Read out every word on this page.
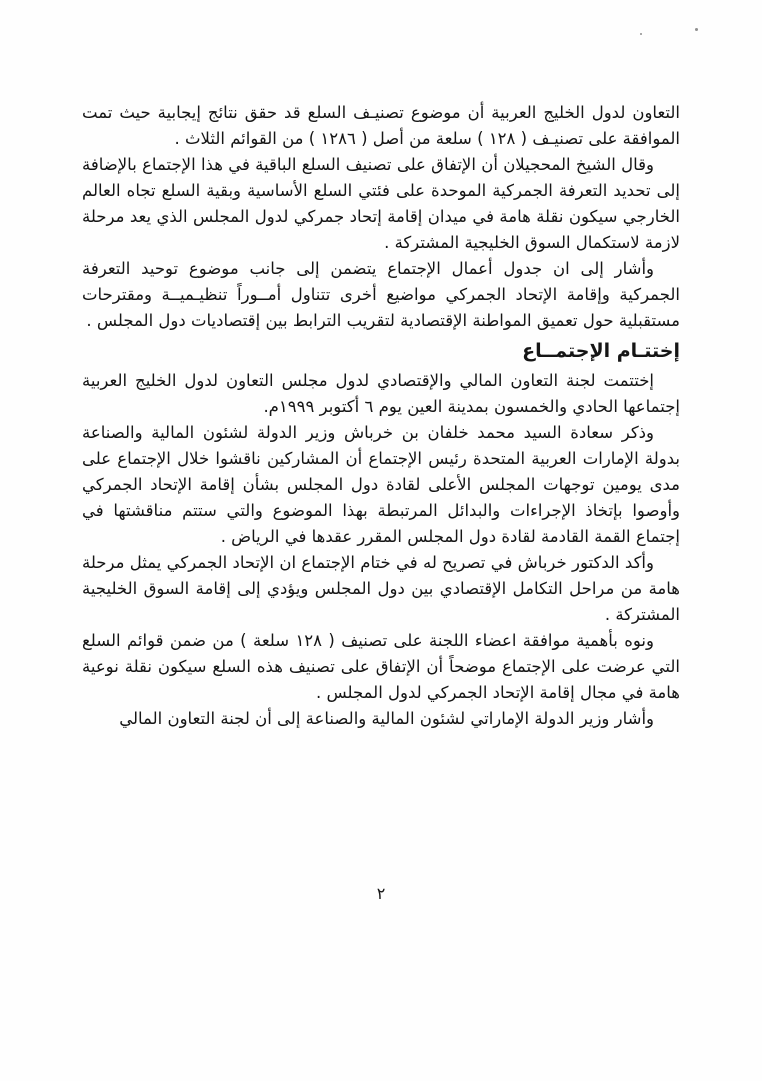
التعاون لدول الخليج العربية أن موضوع تصنيـف السلع قد حقق نتائج إيجابية حيث تمت الموافقة على تصنيـف ( ١٢٨ ) سلعة من أصل ( ١٢٨٦ ) من القوائم الثلاث .

وقال الشيخ المحجيلان أن الإتفاق على تصنيف السلع الباقية في هذا الإجتماع بالإضافة إلى تحديد التعرفة الجمركية الموحدة على فئتي السلع الأساسية وبقية السلع تجاه العالم الخارجي سيكون نقلة هامة في ميدان إقامة إتحاد جمركي لدول المجلس الذي يعد مرحلة لازمة لاستكمال السوق الخليجية المشتركة .

وأشار إلى ان جدول أعمال الإجتماع يتضمن إلى جانب موضوع توحيد التعرفة الجمركية وإقامة الإتحاد الجمركي مواضيع أخرى تتناول أمــوراً تنظيـميــة ومقترحات مستقبلية حول تعميق المواطنة الإقتصادية لتقريب الترابط بين إقتصاديات دول المجلس .

إختتـام الإجتمــاع

إختتمت لجنة التعاون المالي والإقتصادي لدول مجلس التعاون لدول الخليج العربية إجتماعها الحادي والخمسون بمدينة العين يوم ٦ أكتوبر ١٩٩٩م.

وذكر سعادة السيد محمد خلفان بن خرباش وزير الدولة لشئون المالية والصناعة بدولة الإمارات العربية المتحدة رئيس الإجتماع أن المشاركين ناقشوا خلال الإجتماع على مدى يومين توجهات المجلس الأعلى لقادة دول المجلس بشأن إقامة الإتحاد الجمركي وأوصوا بإتخاذ الإجراءات والبدائل المرتبطة بهذا الموضوع والتي ستتم مناقشتها في إجتماع القمة القادمة لقادة دول المجلس المقرر عقدها في الرياض .

وأكد الدكتور خرباش في تصريح له في ختام الإجتماع ان الإتحاد الجمركي يمثل مرحلة هامة من مراحل التكامل الإقتصادي بين دول المجلس ويؤدي إلى إقامة السوق الخليجية المشتركة .

ونوه بأهمية موافقة اعضاء اللجنة على تصنيف ( ١٢٨ سلعة ) من ضمن قوائم السلع التي عرضت على الإجتماع موضحاً أن الإتفاق على تصنيف هذه السلع سيكون نقلة نوعية هامة في مجال إقامة الإتحاد الجمركي لدول المجلس .

وأشار وزير الدولة الإماراتي لشئون المالية والصناعة إلى أن لجنة التعاون المالي

٢
